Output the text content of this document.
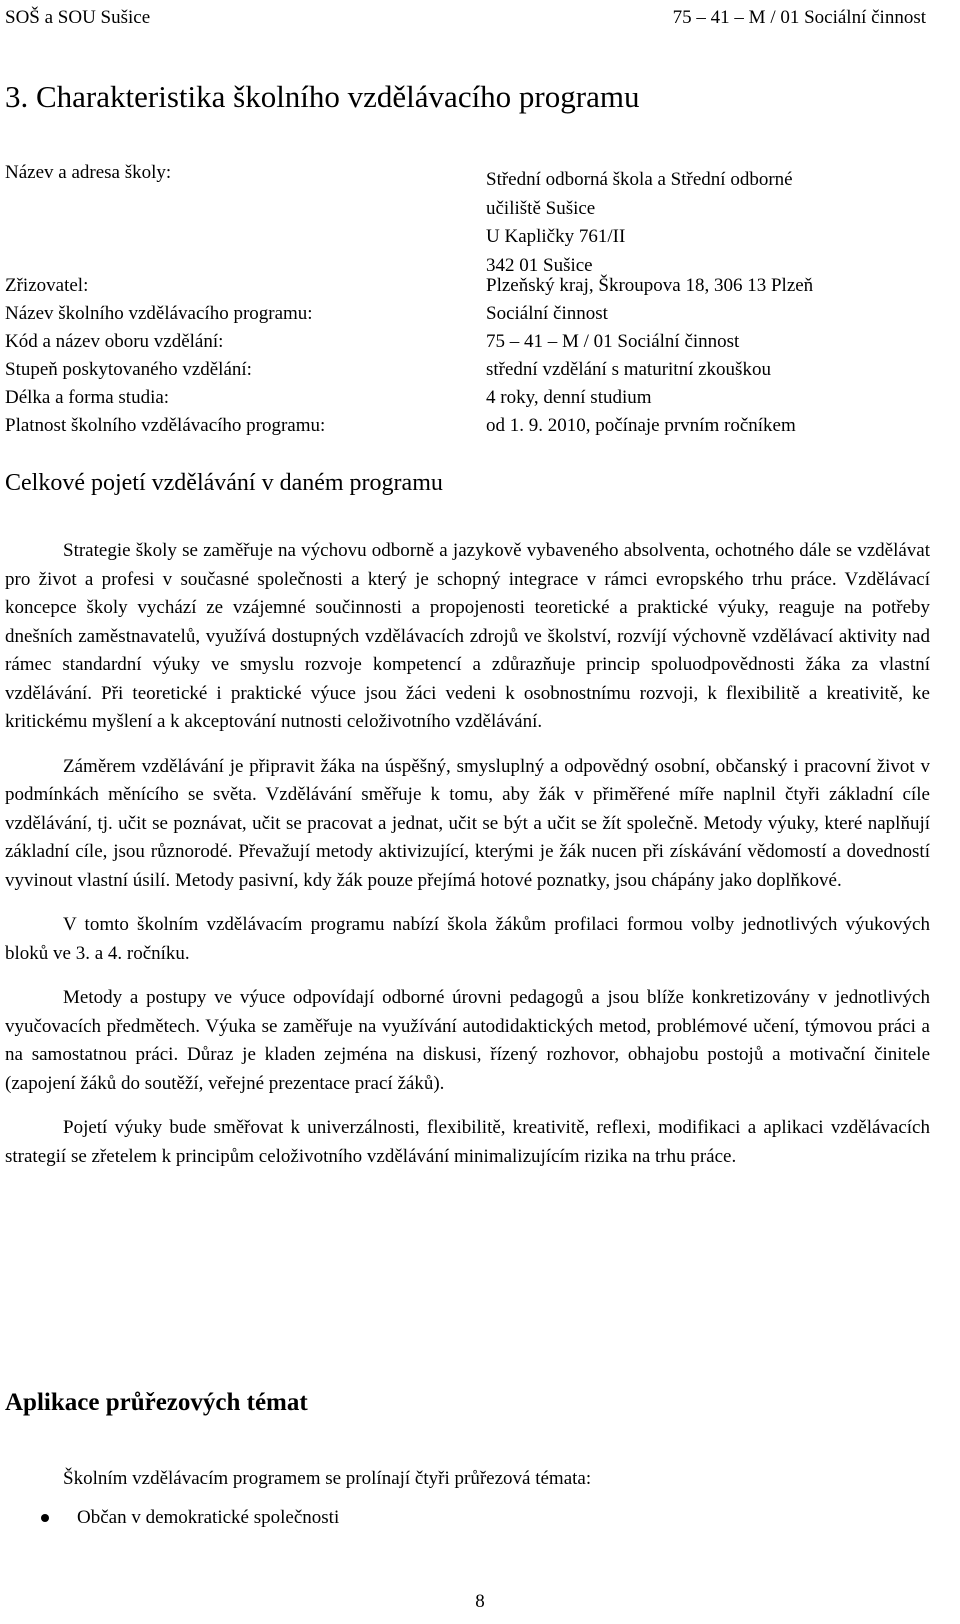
SOŠ a SOU Sušice	75 – 41 – M / 01 Sociální činnost
3. Charakteristika školního vzdělávacího programu
Název a adresa školy:	Střední odborná škola a Střední odborné
učiliště Sušice
U Kapličky 761/II
342 01 Sušice
Zřizovatel:	Plzeňský kraj, Škroupova 18, 306 13 Plzeň
Název školního vzdělávacího programu:	Sociální činnost
Kód a název oboru vzdělání:	75 – 41 – M / 01 Sociální činnost
Stupeň poskytovaného vzdělání:	střední vzdělání s maturitní zkouškou
Délka a forma studia:	4 roky, denní studium
Platnost školního vzdělávacího programu:	od 1. 9. 2010, počínaje prvním ročníkem
Celkové pojetí vzdělávání v daném programu

Strategie školy se zaměřuje na výchovu odborně a jazykově vybaveného absolventa, ochotného dále se vzdělávat pro život a profesi v současné společnosti a který je schopný integrace v rámci evropského trhu práce. Vzdělávací koncepce školy vychází ze vzájemné součinnosti a propojenosti teoretické a praktické výuky, reaguje na potřeby dnešních zaměstnavatelů, využívá dostupných vzdělávacích zdrojů ve školství, rozvíjí výchovně vzdělávací aktivity nad rámec standardní výuky ve smyslu rozvoje kompetencí a zdůrazňuje princip spoluodpovědnosti žáka za vlastní vzdělávání. Při teoretické i praktické výuce jsou žáci vedeni k osobnostnímu rozvoji, k flexibilitě a kreativitě, ke kritickému myšlení a k akceptování nutnosti celoživotního vzdělávání.

Záměrem vzdělávání je připravit žáka na úspěšný, smysluplný a odpovědný osobní, občanský i pracovní život v podmínkách měnícího se světa. Vzdělávání směřuje k tomu, aby žák v přiměřené míře naplnil čtyři základní cíle vzdělávání, tj. učit se poznávat, učit se pracovat a jednat, učit se být a učit se žít společně. Metody výuky, které naplňují základní cíle, jsou různorodé. Převažují metody aktivizující, kterými je žák nucen při získávání vědomostí a dovedností vyvinout vlastní úsilí. Metody pasivní, kdy žák pouze přejímá hotové poznatky, jsou chápány jako doplňkové.

V tomto školním vzdělávacím programu nabízí škola žákům profilaci formou volby jednotlivých výukových bloků ve 3. a 4. ročníku.

Metody a postupy ve výuce odpovídají odborné úrovni pedagogů a jsou blíže konkretizovány v jednotlivých vyučovacích předmětech. Výuka se zaměřuje na využívání autodidaktických metod, problémové učení, týmovou práci a na samostatnou práci. Důraz je kladen zejména na diskusi, řízený rozhovor, obhajobu postojů a motivační činitele (zapojení žáků do soutěží, veřejné prezentace prací žáků).

Pojetí výuky bude směřovat k univerzálnosti, flexibilitě, kreativitě, reflexi, modifikaci a aplikaci vzdělávacích strategií se zřetelem k principům celoživotního vzdělávání minimalizujícím rizika na trhu práce.

Aplikace průřezových témat
Školním vzdělávacím programem se prolínají čtyři průřezová témata:
Občan v demokratické společnosti
8
